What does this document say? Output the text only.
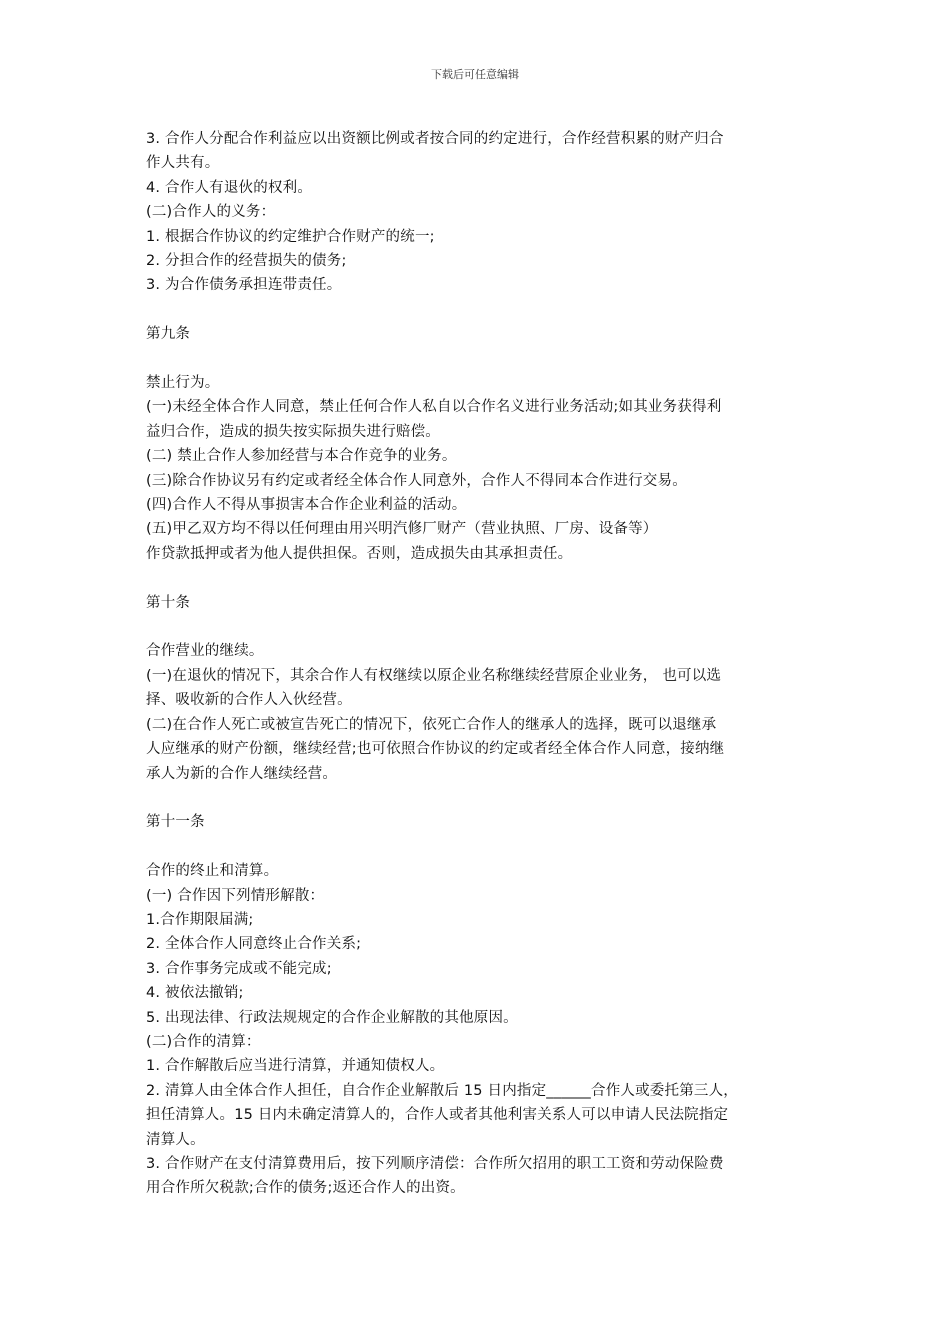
下载后可任意编辑
3. 合作人分配合作利益应以出资额比例或者按合同的约定进行，合作经营积累的财产归合
作人共有。
4. 合作人有退伙的权利。
(二)合作人的义务：
1. 根据合作协议的约定维护合作财产的统一;
2. 分担合作的经营损失的债务;
3. 为合作债务承担连带责任。
第九条
禁止行为。
(一)未经全体合作人同意，禁止任何合作人私自以合作名义进行业务活动;如其业务获得利
益归合作，造成的损失按实际损失进行赔偿。
(二) 禁止合作人参加经营与本合作竞争的业务。
(三)除合作协议另有约定或者经全体合作人同意外，合作人不得同本合作进行交易。
(四)合作人不得从事损害本合作企业利益的活动。
(五)甲乙双方均不得以任何理由用兴明汽修厂财产（营业执照、厂房、设备等）
作贷款抵押或者为他人提供担保。否则，造成损失由其承担责任。
第十条
合作营业的继续。
(一)在退伙的情况下，其余合作人有权继续以原企业名称继续经营原企业业务， 也可以选
择、吸收新的合作人入伙经营。
(二)在合作人死亡或被宣告死亡的情况下，依死亡合作人的继承人的选择，既可以退继承
人应继承的财产份额，继续经营;也可依照合作协议的约定或者经全体合作人同意，接纳继
承人为新的合作人继续经营。
第十一条
合作的终止和清算。
(一) 合作因下列情形解散：
1.合作期限届满;
2. 全体合作人同意终止合作关系;
3. 合作事务完成或不能完成;
4. 被依法撤销;
5. 出现法律、行政法规规定的合作企业解散的其他原因。
(二)合作的清算：
1. 合作解散后应当进行清算，并通知债权人。
2. 清算人由全体合作人担任，自合作企业解散后 15 日内指定______合作人或委托第三人，
担任清算人。15 日内未确定清算人的，合作人或者其他利害关系人可以申请人民法院指定
清算人。
3. 合作财产在支付清算费用后，按下列顺序清偿：合作所欠招用的职工工资和劳动保险费
用合作所欠税款;合作的债务;返还合作人的出资。
